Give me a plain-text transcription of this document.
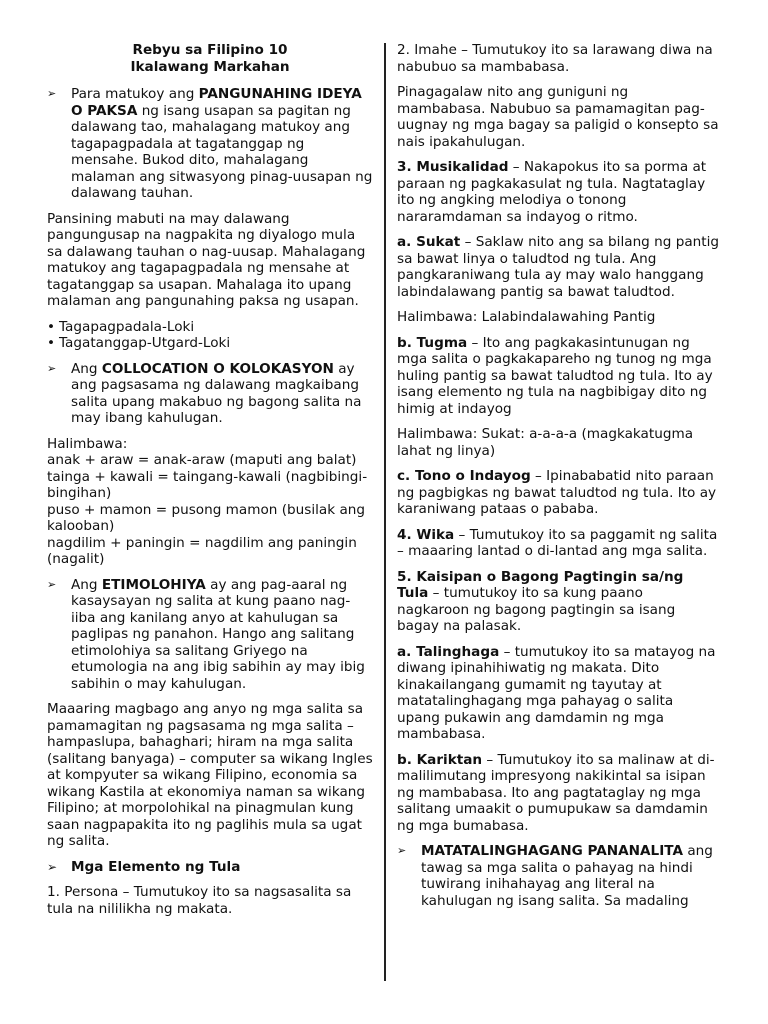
Rebyu sa Filipino 10
Ikalawang Markahan
➢	Para matukoy ang PANGUNAHING IDEYA O PAKSA ng isang usapan sa pagitan ng dalawang tao, mahalagang matukoy ang tagapagpadala at tagatanggap ng mensahe. Bukod dito, mahalagang malaman ang sitwasyong pinag-uusapan ng dalawang tauhan.

Pansining mabuti na may dalawang pangungusap na nagpakita ng diyalogo mula sa dalawang tauhan o nag-uusap. Mahalagang matukoy ang tagapagpadala ng mensahe at tagatanggap sa usapan. Mahalaga ito upang malaman ang pangunahing paksa ng usapan.

• Tagapagpadala-Loki
• Tagatanggap-Utgard-Loki
➢	Ang COLLOCATION O KOLOKASYON ay ang pagsasama ng dalawang magkaibang salita upang makabuo ng bagong salita na may ibang kahulugan.
Halimbawa:
anak + araw = anak-araw (maputi ang balat)
tainga + kawali = taingang-kawali (nagbibingi-bingihan)
puso + mamon = pusong mamon (busilak ang kalooban)
nagdilim + paningin = nagdilim ang paningin (nagalit)
➢	Ang ETIMOLOHIYA ay ang pag-aaral ng kasaysayan ng salita at kung paano nag-iiba ang kanilang anyo at kahulugan sa paglipas ng panahon. Hango ang salitang etimolohiya sa salitang Griyego na etumologia na ang ibig sabihin ay may ibig sabihin o may kahulugan.

Maaaring magbago ang anyo ng mga salita sa pamamagitan ng pagsasama ng mga salita – hampaslupa, bahaghari; hiram na mga salita (salitang banyaga) – computer sa wikang Ingles at kompyuter sa wikang Filipino, economia sa wikang Kastila at ekonomiya naman sa wikang Filipino; at morpolohikal na pinagmulan kung saan nagpapakita ito ng paglihis mula sa ugat ng salita.

➢ Mga Elemento ng Tula

1. Persona – Tumutukoy ito sa nagsasalita sa tula na nililikha ng makata.

2. Imahe – Tumutukoy ito sa larawang diwa na nabubuo sa mambabasa.

Pinagagalaw nito ang guniguni ng mambabasa. Nabubuo sa pamamagitan pag-uugnay ng mga bagay sa paligid o konsepto sa nais ipakahulugan.

3. Musikalidad – Nakapokus ito sa porma at paraan ng pagkakasulat ng tula. Nagtataglay ito ng angking melodiya o tonong nararamdaman sa indayog o ritmo.

a. Sukat – Saklaw nito ang sa bilang ng pantig sa bawat linya o taludtod ng tula. Ang pangkaraniwang tula ay may walo hanggang labindalawang pantig sa bawat taludtod.

Halimbawa: Lalabindalawahing Pantig

b. Tugma – Ito ang pagkakasintunugan ng mga salita o pagkakapareho ng tunog ng mga huling pantig sa bawat taludtod ng tula. Ito ay isang elemento ng tula na nagbibigay dito ng himig at indayog

Halimbawa: Sukat: a-a-a-a (magkakatugma lahat ng linya)

c. Tono o Indayog – Ipinababatid nito paraan ng pagbigkas ng bawat taludtod ng tula. Ito ay karaniwang pataas o pababa.

4. Wika – Tumutukoy ito sa paggamit ng salita – maaaring lantad o di-lantad ang mga salita.

5. Kaisipan o Bagong Pagtingin sa/ng Tula – tumutukoy ito sa kung paano nagkaroon ng bagong pagtingin sa isang bagay na palasak.

a. Talinghaga – tumutukoy ito sa matayog na diwang ipinahihiwatig ng makata. Dito kinakailangang gumamit ng tayutay at matatalinghagang mga pahayag o salita upang pukawin ang damdamin ng mga mambabasa.

b. Kariktan – Tumutukoy ito sa malinaw at di-malilimutang impresyong nakikintal sa isipan ng mambabasa. Ito ang pagtataglay ng mga salitang umaakit o pumupukaw sa damdamin ng mga bumabasa.

➢	MATATALINGHAGANG PANANALITA ang tawag sa mga salita o pahayag na hindi tuwirang inihahayag ang literal na kahulugan ng isang salita. Sa madaling
